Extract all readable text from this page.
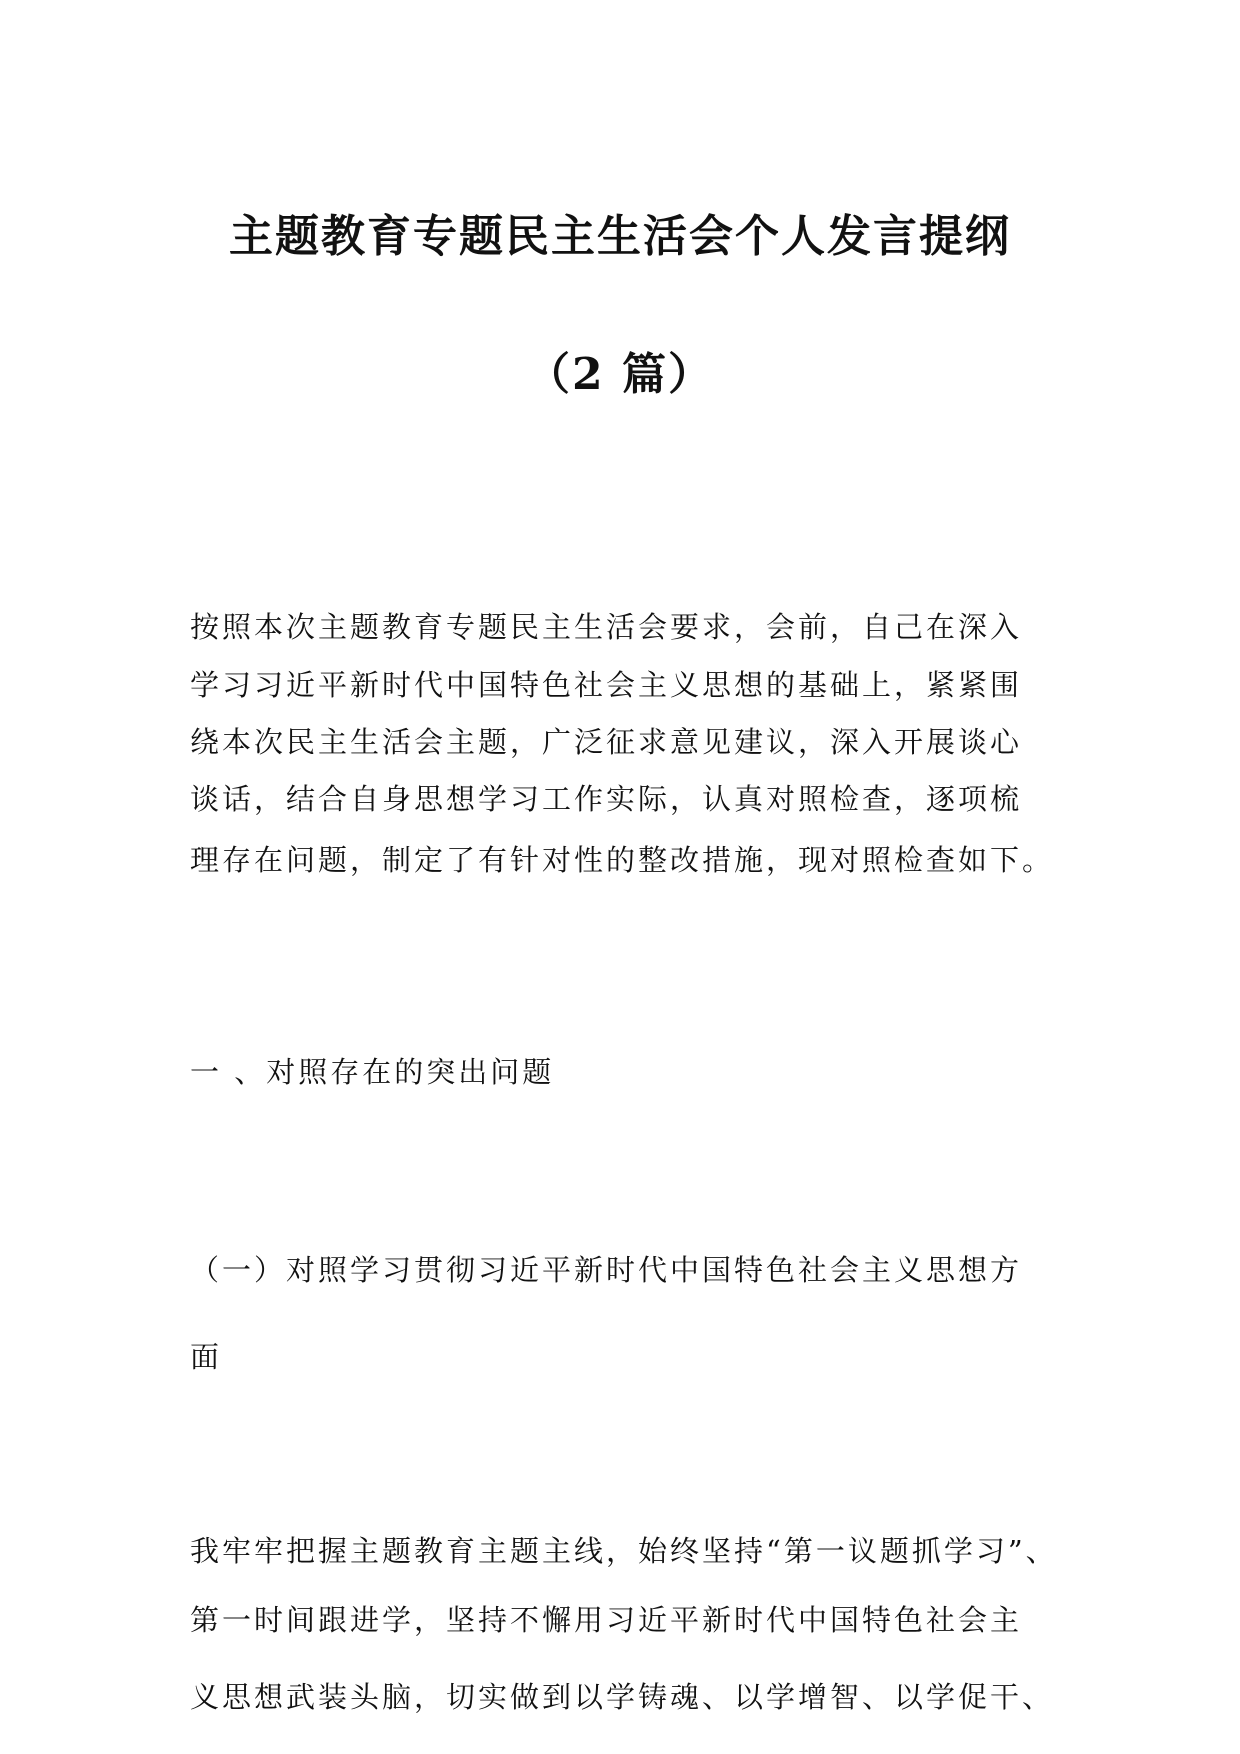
主题教育专题民主生活会个人发言提纲
（2 篇）
按照本次主题教育专题民主生活会要求，会前，自己在深入
学习习近平新时代中国特色社会主义思想的基础上，紧紧围
绕本次民主生活会主题，广泛征求意见建议，深入开展谈心
谈话，结合自身思想学习工作实际，认真对照检查，逐项梳
理存在问题，制定了有针对性的整改措施，现对照检查如下。
一 、对照存在的突出问题
（一）对照学习贯彻习近平新时代中国特色社会主义思想方
面
我牢牢把握主题教育主题主线，始终坚持“第一议题抓学习”、
第一时间跟进学，坚持不懈用习近平新时代中国特色社会主
义思想武装头脑，切实做到以学铸魂、以学增智、以学促干、
